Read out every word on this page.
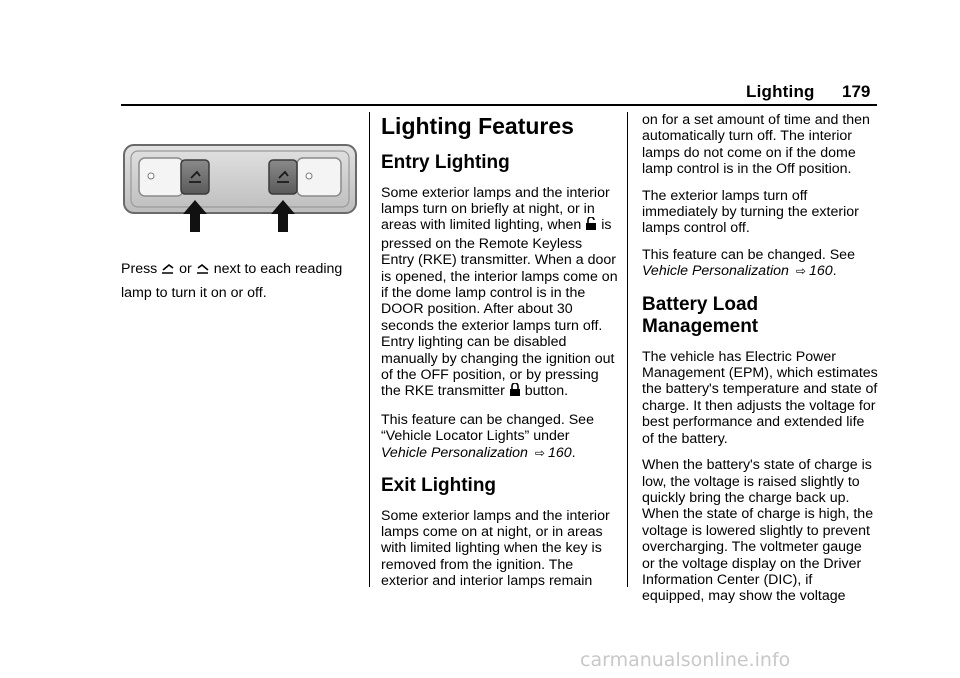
Lighting 179
Press or next to each reading lamp to turn it on or off.
Lighting Features
Entry Lighting

Some exterior lamps and the interior lamps turn on briefly at night, or in areas with limited lighting, when is pressed on the Remote Keyless Entry (RKE) transmitter. When a door is opened, the interior lamps come on if the dome lamp control is in the DOOR position. After about 30 seconds the exterior lamps turn off. Entry lighting can be disabled manually by changing the ignition out of the OFF position, or by pressing the RKE transmitter button.

This feature can be changed. See “Vehicle Locator Lights” under Vehicle Personalization ⇨ 160.

Exit Lighting

Some exterior lamps and the interior lamps come on at night, or in areas with limited lighting when the key is removed from the ignition. The exterior and interior lamps remain

on for a set amount of time and then automatically turn off. The interior lamps do not come on if the dome lamp control is in the Off position.

The exterior lamps turn off immediately by turning the exterior lamps control off.

This feature can be changed. See Vehicle Personalization ⇨ 160.

Battery Load
Management

The vehicle has Electric Power Management (EPM), which estimates the battery's temperature and state of charge. It then adjusts the voltage for best performance and extended life of the battery.

When the battery's state of charge is low, the voltage is raised slightly to quickly bring the charge back up. When the state of charge is high, the voltage is lowered slightly to prevent overcharging. The voltmeter gauge or the voltage display on the Driver Information Center (DIC), if equipped, may show the voltage

carmanualsonline.info
